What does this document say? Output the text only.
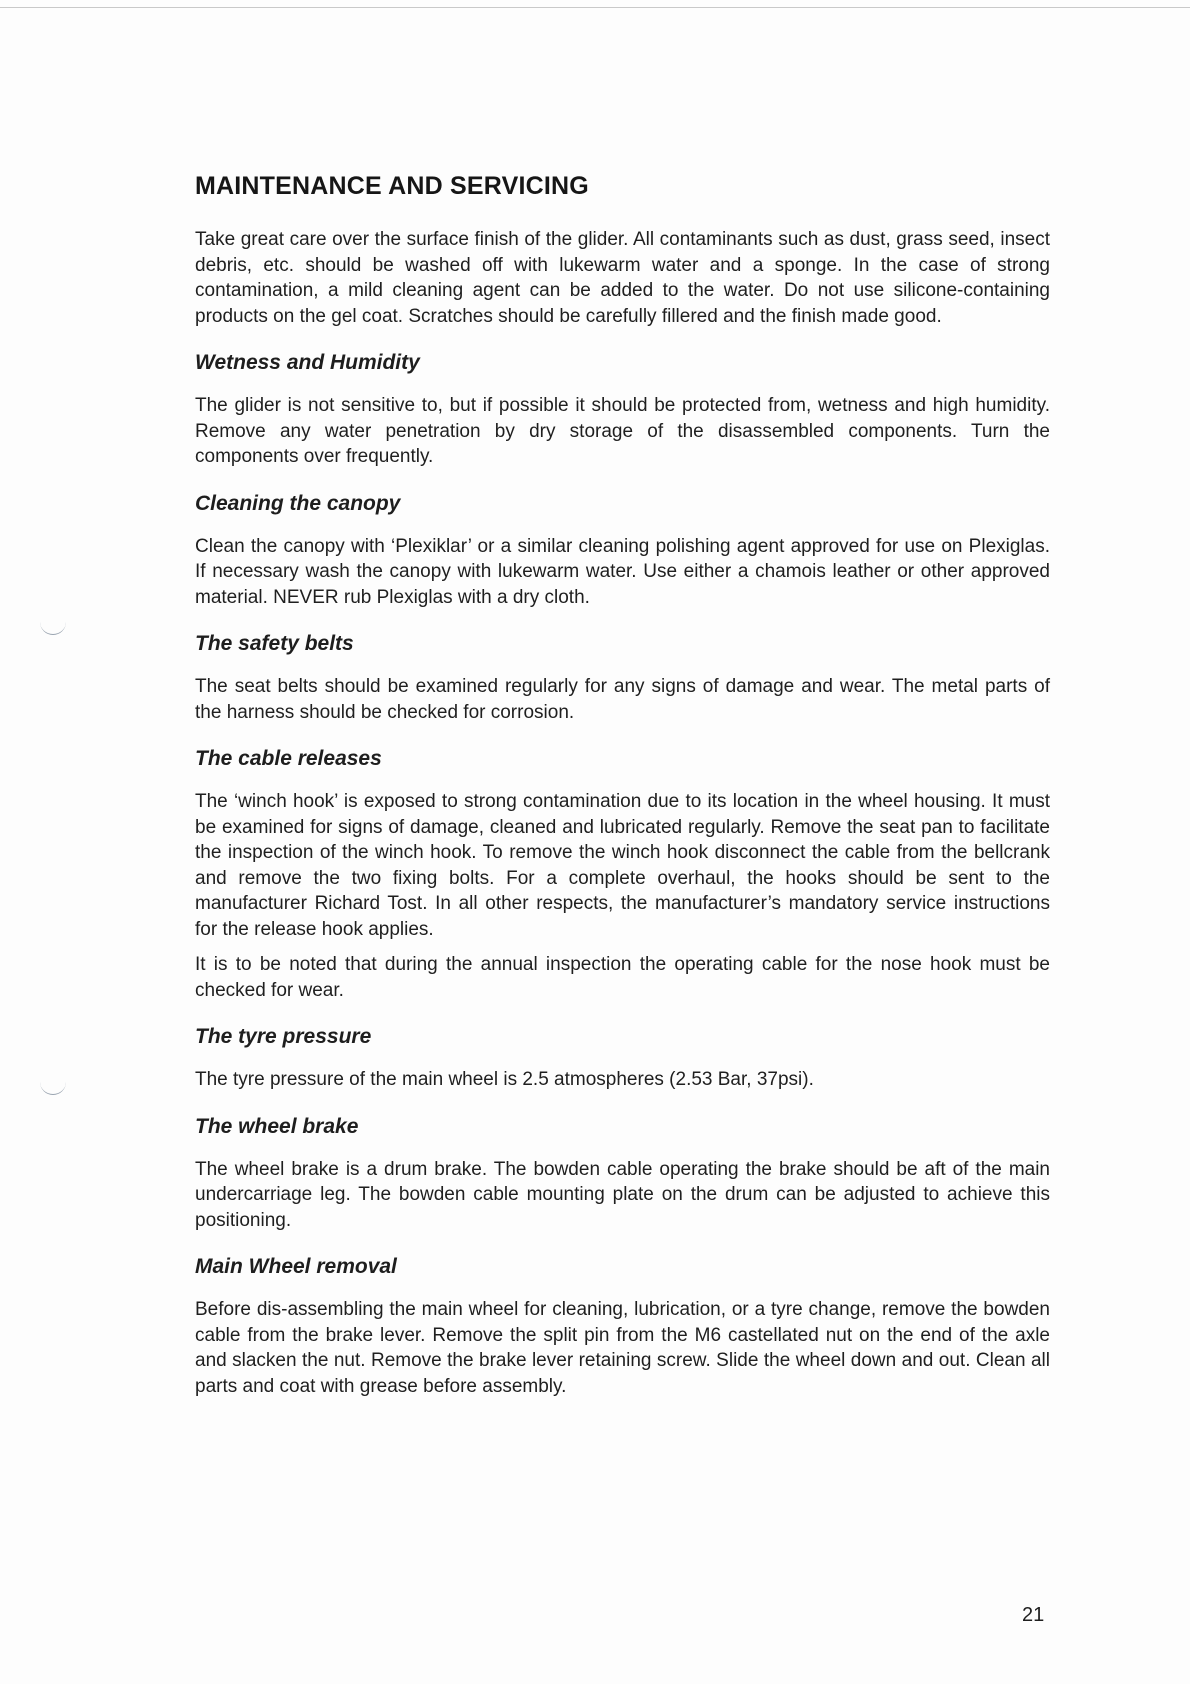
MAINTENANCE AND SERVICING

Take great care over the surface finish of the glider. All contaminants such as dust, grass seed, insect debris, etc. should be washed off with lukewarm water and a sponge. In the case of strong contamination, a mild cleaning agent can be added to the water. Do not use silicone-containing products on the gel coat. Scratches should be carefully fillered and the finish made good.

Wetness and Humidity

The glider is not sensitive to, but if possible it should be protected from, wetness and high humidity. Remove any water penetration by dry storage of the disassembled components. Turn the components over frequently.

Cleaning the canopy

Clean the canopy with ‘Plexiklar’ or a similar cleaning polishing agent approved for use on Plexiglas. If necessary wash the canopy with lukewarm water. Use either a chamois leather or other approved material. NEVER rub Plexiglas with a dry cloth.

The safety belts

The seat belts should be examined regularly for any signs of damage and wear. The metal parts of the harness should be checked for corrosion.

The cable releases

The ‘winch hook’ is exposed to strong contamination due to its location in the wheel housing. It must be examined for signs of damage, cleaned and lubricated regularly. Remove the seat pan to facilitate the inspection of the winch hook. To remove the winch hook disconnect the cable from the bellcrank and remove the two fixing bolts. For a complete overhaul, the hooks should be sent to the manufacturer Richard Tost. In all other respects, the manufacturer’s mandatory service instructions for the release hook applies.

It is to be noted that during the annual inspection the operating cable for the nose hook must be checked for wear.

The tyre pressure

The tyre pressure of the main wheel is 2.5 atmospheres (2.53 Bar, 37psi).

The wheel brake

The wheel brake is a drum brake. The bowden cable operating the brake should be aft of the main undercarriage leg. The bowden cable mounting plate on the drum can be adjusted to achieve this positioning.

Main Wheel removal

Before dis-assembling the main wheel for cleaning, lubrication, or a tyre change, remove the bowden cable from the brake lever. Remove the split pin from the M6 castellated nut on the end of the axle and slacken the nut. Remove the brake lever retaining screw. Slide the wheel down and out. Clean all parts and coat with grease before assembly.

21
